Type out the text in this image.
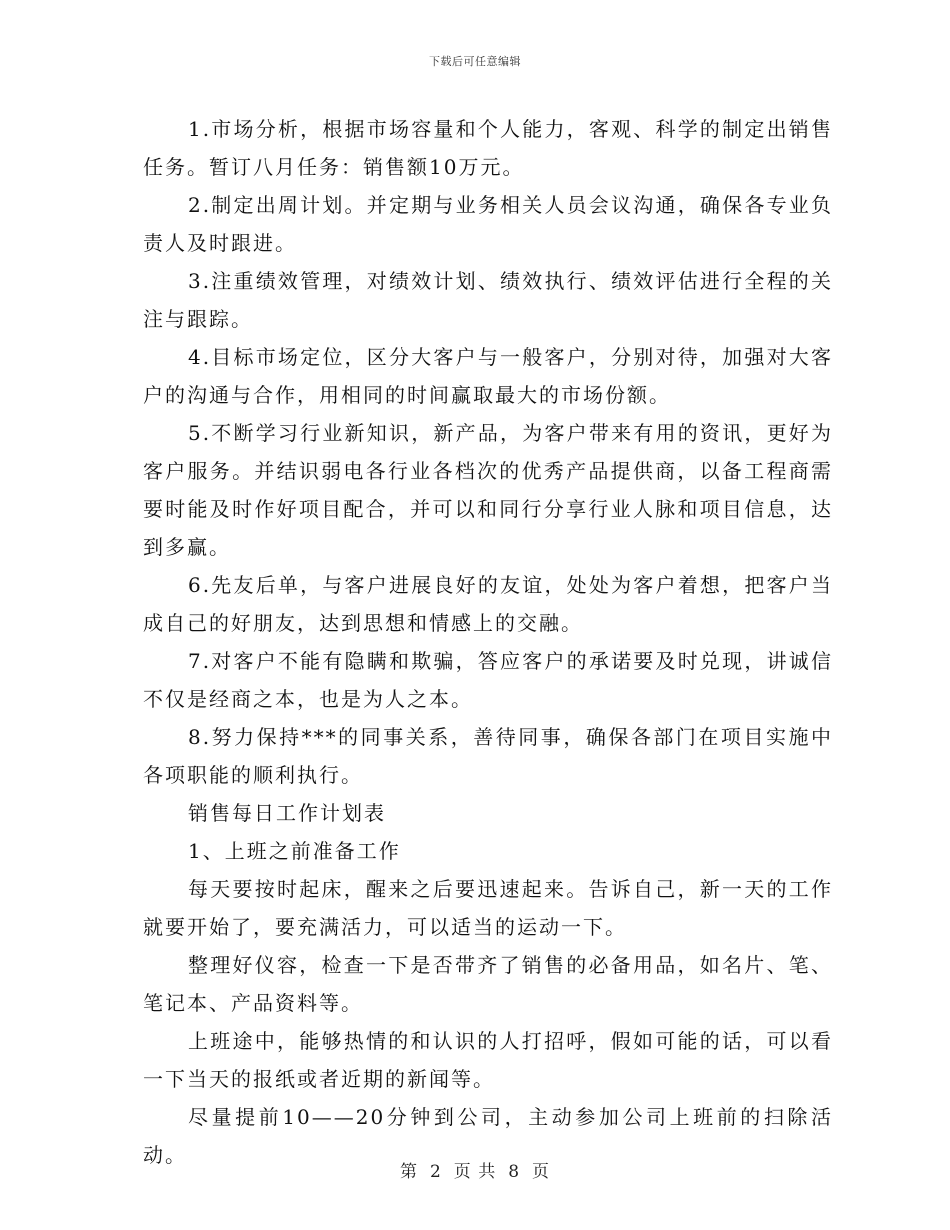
下载后可任意编辑

1.市场分析，根据市场容量和个人能力，客观、科学的制定出销售任务。暂订八月任务：销售额10万元。

2.制定出周计划。并定期与业务相关人员会议沟通，确保各专业负责人及时跟进。

3.注重绩效管理，对绩效计划、绩效执行、绩效评估进行全程的关注与跟踪。

4.目标市场定位，区分大客户与一般客户，分别对待，加强对大客户的沟通与合作，用相同的时间赢取最大的市场份额。

5.不断学习行业新知识，新产品，为客户带来有用的资讯，更好为客户服务。并结识弱电各行业各档次的优秀产品提供商，以备工程商需要时能及时作好项目配合，并可以和同行分享行业人脉和项目信息，达到多赢。

6.先友后单，与客户进展良好的友谊，处处为客户着想，把客户当成自己的好朋友，达到思想和情感上的交融。

7.对客户不能有隐瞒和欺骗，答应客户的承诺要及时兑现，讲诚信不仅是经商之本，也是为人之本。

8.努力保持***的同事关系，善待同事，确保各部门在项目实施中各项职能的顺利执行。

销售每日工作计划表

1、上班之前准备工作

每天要按时起床，醒来之后要迅速起来。告诉自己，新一天的工作就要开始了，要充满活力，可以适当的运动一下。

整理好仪容，检查一下是否带齐了销售的必备用品，如名片、笔、笔记本、产品资料等。

上班途中，能够热情的和认识的人打招呼，假如可能的话，可以看一下当天的报纸或者近期的新闻等。

尽量提前10——20分钟到公司，主动参加公司上班前的扫除活动。

第 2 页 共 8 页
